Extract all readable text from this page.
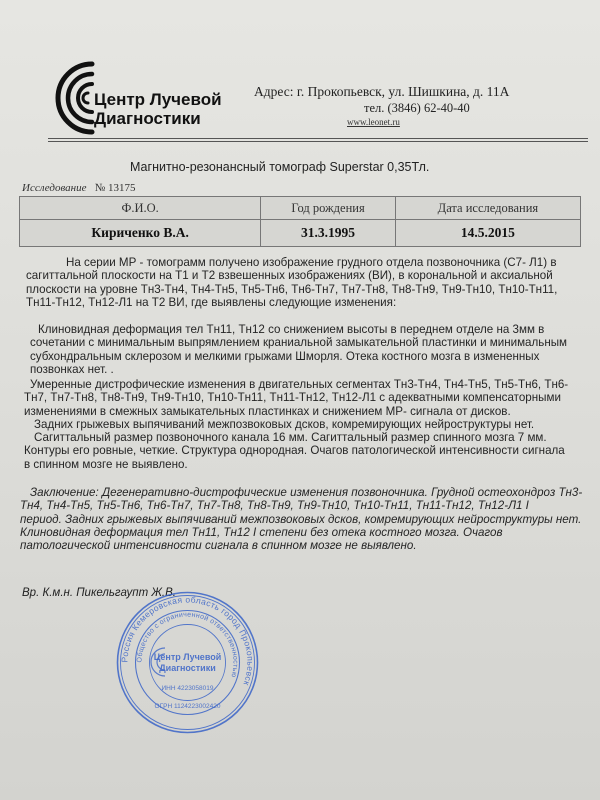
Центр Лучевой
Диагностики
Адрес: г. Прокопьевск, ул. Шишкина, д. 11А
тел. (3846) 62-40-40
www.leonet.ru
Магнитно-резонансный томограф Superstar 0,35Тл.
Исследование № 13175
Ф.И.О.	Год рождения	Дата исследования
Кириченко В.А.	31.3.1995	14.5.2015
На серии МР - томограмм получено изображение грудного отдела позвоночника (С7- Л1) в
сагиттальной плоскости на Т1 и Т2 взвешенных изображениях (ВИ), в корональной и аксиальной
плоскости на уровне Тн3-Тн4, Тн4-Тн5, Тн5-Тн6, Тн6-Тн7, Тн7-Тн8, Тн8-Тн9, Тн9-Тн10, Тн10-Тн11,
Тн11-Тн12, Тн12-Л1 на Т2 ВИ, где выявлены следующие изменения:
Клиновидная деформация тел Тн11, Тн12 со снижением высоты в переднем отделе на 3мм в
сочетании с минимальным выпрямлением краниальной замыкательной пластинки и минимальным
субхондральным склерозом и мелкими грыжами Шморля. Отека костного мозга в измененных
позвонках нет. .
Умеренные дистрофические изменения в двигательных сегментах Тн3-Тн4, Тн4-Тн5, Тн5-Тн6, Тн6-
Тн7, Тн7-Тн8, Тн8-Тн9, Тн9-Тн10, Тн10-Тн11, Тн11-Тн12, Тн12-Л1 с адекватными компенсаторными
изменениями в смежных замыкательных пластинках и снижением МР- сигнала от дисков.
Задних грыжевых выпячиваний межпозвоковых дсков, комремирующих нейроструктуры нет.
Сагиттальный размер позвоночного канала 16 мм. Сагиттальный размер спинного мозга 7 мм.
Контуры его ровные, четкие. Структура однородная. Очагов патологической интенсивности сигнала
в спинном мозге не выявлено.
Заключение: Дегенеративно-дистрофические изменения позвоночника. Грудной остеохондроз Тн3-
Тн4, Тн4-Тн5, Тн5-Тн6, Тн6-Тн7, Тн7-Тн8, Тн8-Тн9, Тн9-Тн10, Тн10-Тн11, Тн11-Тн12, Тн12-Л1 I
период. Задних грыжевых выпячиваний межпозвоковых дсков, комремирующих нейроструктуры нет.
Клиновидная деформация тел Тн11, Тн12 I степени без отека костного мозга. Очагов
патологической интенсивности сигнала в спинном мозге не выявлено.
Вр. К.м.н. Пикельгаупт Ж.В.
Россия Кемеровская область город Прокопьевск
Общество с ограниченной ответственностью
Центр Лучевой
Диагностики
ИНН 4223058019
ОГРН 1124223002420
